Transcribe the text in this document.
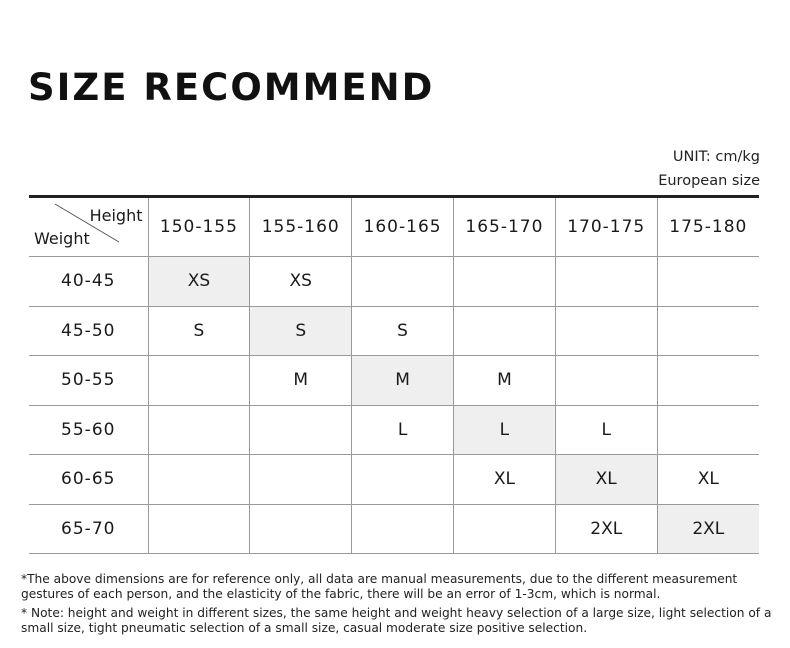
SIZE RECOMMEND
UNIT: cm/kg
European size
Height
Weight	150-155	155-160	160-165	165-170	170-175	175-180
40-45	XS	XS				
45-50	S	S	S			
50-55		M	M	M		
55-60			L	L	L	
60-65				XL	XL	XL
65-70					2XL	2XL

*The above dimensions are for reference only, all data are manual measurements, due to the different measurement gestures of each person, and the elasticity of the fabric, there will be an error of 1-3cm, which is normal.

* Note: height and weight in different sizes, the same height and weight heavy selection of a large size, light selection of a small size, tight pneumatic selection of a small size, casual moderate size positive selection.
